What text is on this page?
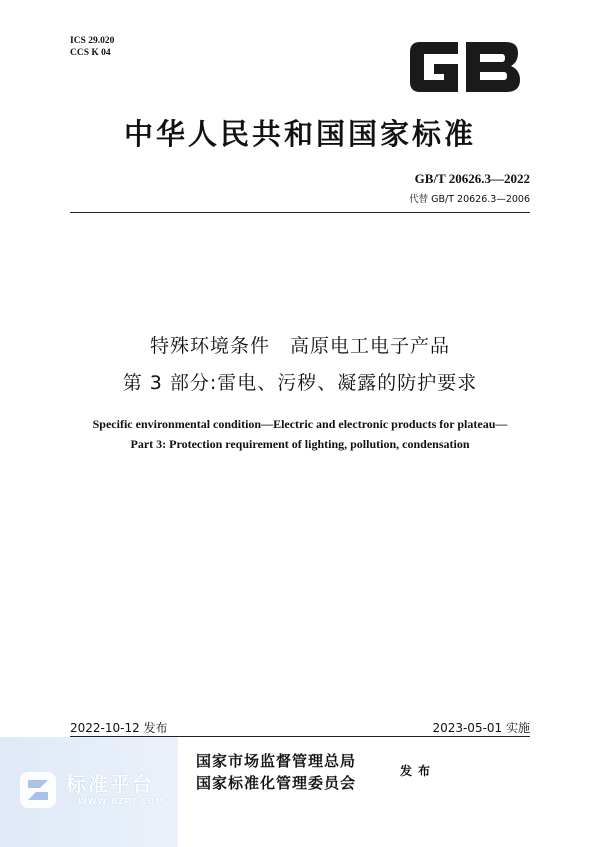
ICS 29.020
CCS K 04
GB
中华人民共和国国家标准
GB/T 20626.3—2022
代替 GB/T 20626.3—2006
特殊环境条件　高原电工电子产品
第 3 部分:雷电、污秽、凝露的防护要求
Specific environmental condition—Electric and electronic products for plateau—
Part 3: Protection requirement of lighting, pollution, condensation
2022-10-12 发布	2023-05-01 实施
标准平台
WWW.BZPT.COM
国家市场监督管理总局
国家标准化管理委员会
发布
